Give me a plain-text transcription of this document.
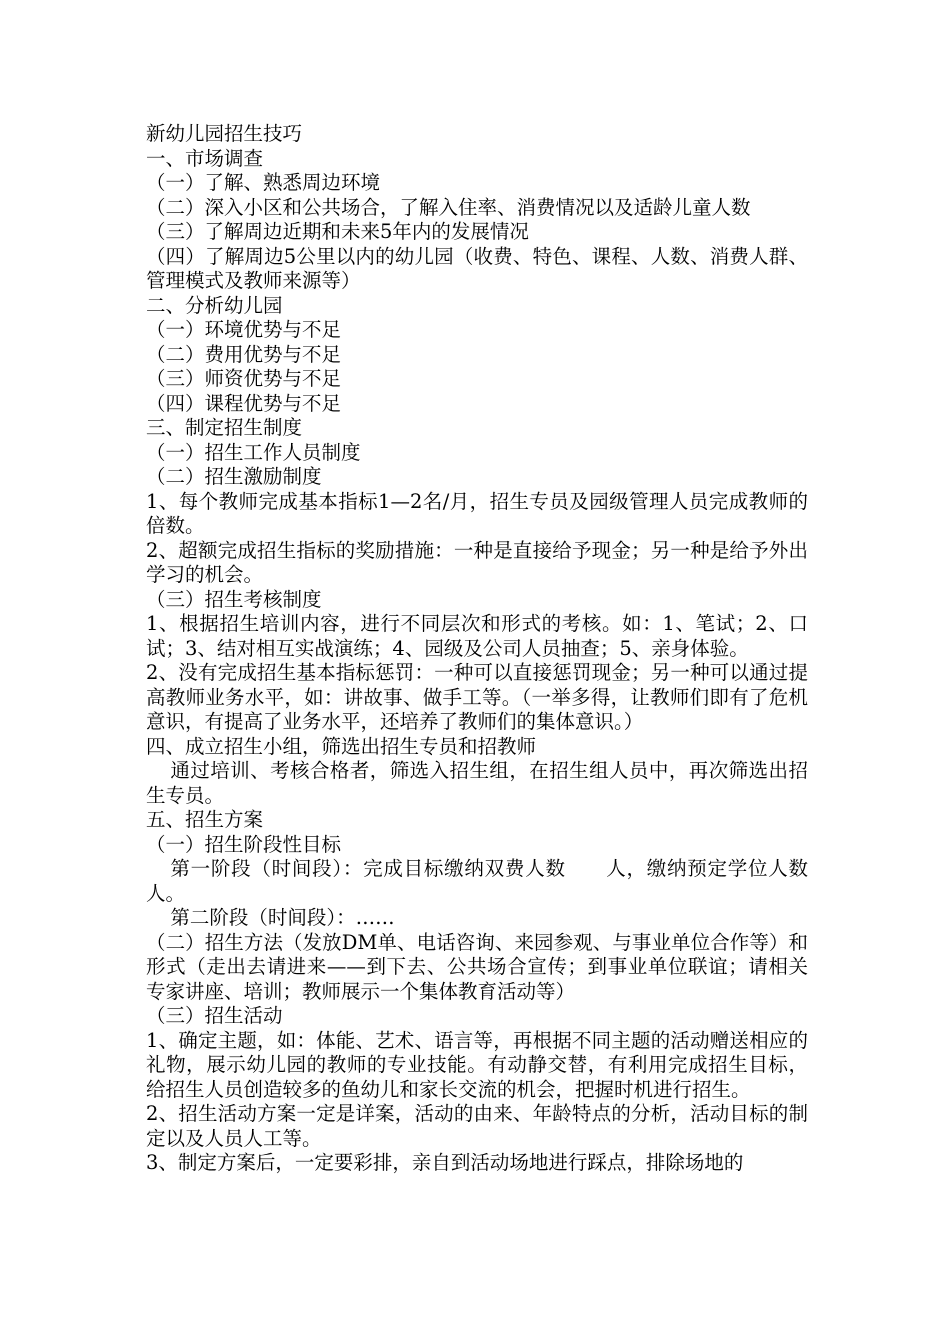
新幼儿园招生技巧

一、市场调查

（一）了解、熟悉周边环境

（二）深入小区和公共场合，了解入住率、消费情况以及适龄儿童人数

（三）了解周边近期和未来5年内的发展情况

（四）了解周边5公里以内的幼儿园（收费、特色、课程、人数、消费人群、管理模式及教师来源等）

二、分析幼儿园

（一）环境优势与不足

（二）费用优势与不足

（三）师资优势与不足

（四）课程优势与不足

三、制定招生制度

（一）招生工作人员制度

（二）招生激励制度

1、每个教师完成基本指标1—2名/月，招生专员及园级管理人员完成教师的倍数。

2、超额完成招生指标的奖励措施：一种是直接给予现金；另一种是给予外出学习的机会。

（三）招生考核制度

1、根据招生培训内容，进行不同层次和形式的考核。如：1、笔试；2、口试；3、结对相互实战演练；4、园级及公司人员抽查；5、亲身体验。

2、没有完成招生基本指标惩罚：一种可以直接惩罚现金；另一种可以通过提高教师业务水平，如：讲故事、做手工等。（一举多得，让教师们即有了危机意识，有提高了业务水平，还培养了教师们的集体意识。）

四、成立招生小组，筛选出招生专员和招教师

通过培训、考核合格者，筛选入招生组，在招生组人员中，再次筛选出招生专员。

五、招生方案

（一）招生阶段性目标

第一阶段（时间段）：完成目标缴纳双费人数　　人，缴纳预定学位人数　　人。

第二阶段（时间段）：……

（二）招生方法（发放DM单、电话咨询、来园参观、与事业单位合作等）和形式（走出去请进来——到下去、公共场合宣传；到事业单位联谊；请相关专家讲座、培训；教师展示一个集体教育活动等）

（三）招生活动

1、确定主题，如：体能、艺术、语言等，再根据不同主题的活动赠送相应的礼物，展示幼儿园的教师的专业技能。有动静交替，有利用完成招生目标，给招生人员创造较多的鱼幼儿和家长交流的机会，把握时机进行招生。

2、招生活动方案一定是详案，活动的由来、年龄特点的分析，活动目标的制定以及人员人工等。

3、制定方案后，一定要彩排，亲自到活动场地进行踩点，排除场地的
